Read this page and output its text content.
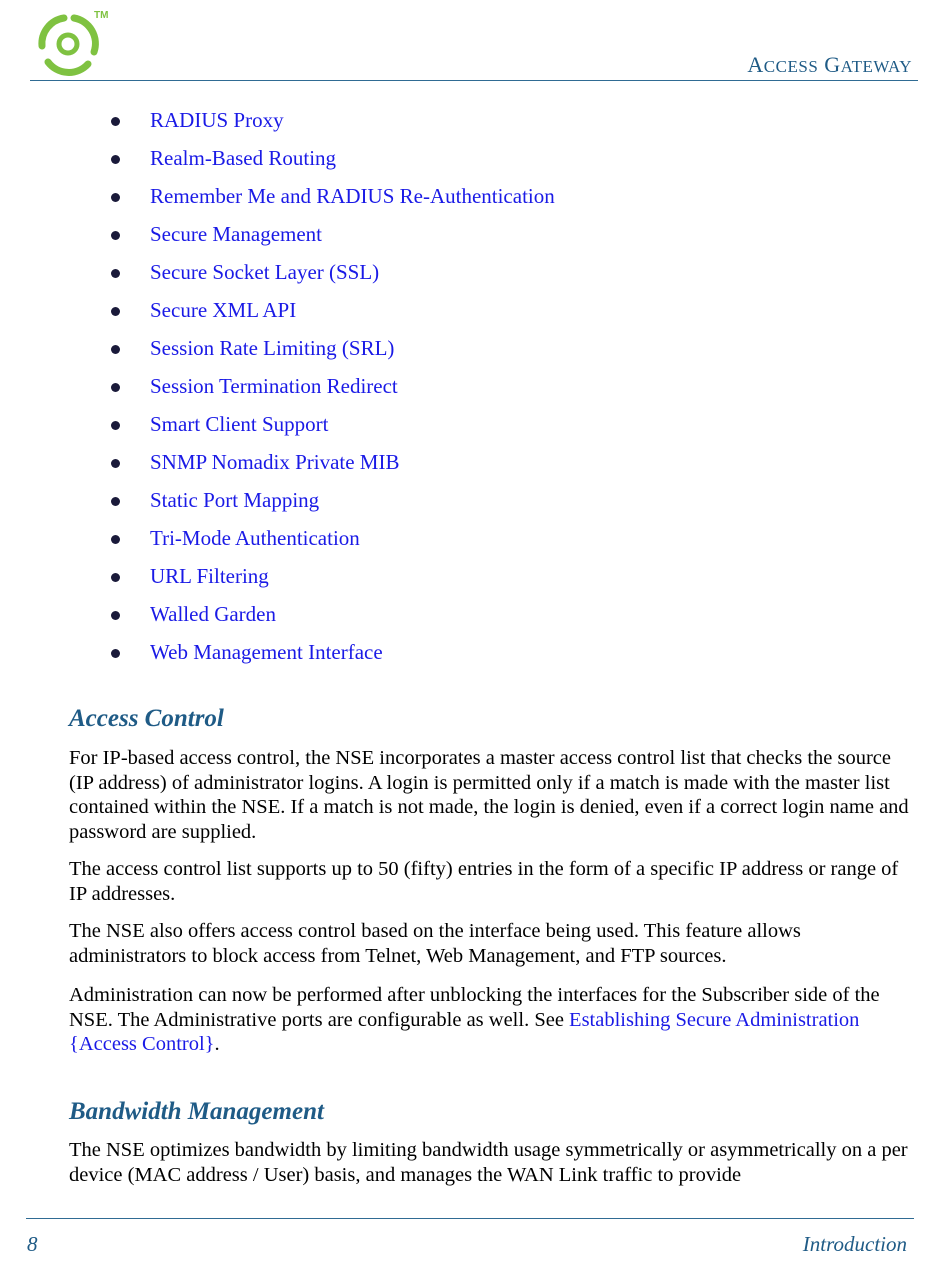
TM
ACCESS GATEWAY
RADIUS Proxy
Realm-Based Routing
Remember Me and RADIUS Re-Authentication
Secure Management
Secure Socket Layer (SSL)
Secure XML API
Session Rate Limiting (SRL)
Session Termination Redirect
Smart Client Support
SNMP Nomadix Private MIB
Static Port Mapping
Tri-Mode Authentication
URL Filtering
Walled Garden
Web Management Interface
Access Control

For IP-based access control, the NSE incorporates a master access control list that checks the source (IP address) of administrator logins. A login is permitted only if a match is made with the master list contained within the NSE. If a match is not made, the login is denied, even if a correct login name and password are supplied.

The access control list supports up to 50 (fifty) entries in the form of a specific IP address or range of IP addresses.

The NSE also offers access control based on the interface being used. This feature allows administrators to block access from Telnet, Web Management, and FTP sources.

Administration can now be performed after unblocking the interfaces for the Subscriber side of the NSE. The Administrative ports are configurable as well. See Establishing Secure Administration {Access Control}.

Bandwidth Management

The NSE optimizes bandwidth by limiting bandwidth usage symmetrically or asymmetrically on a per device (MAC address / User) basis, and manages the WAN Link traffic to provide

8	Introduction
